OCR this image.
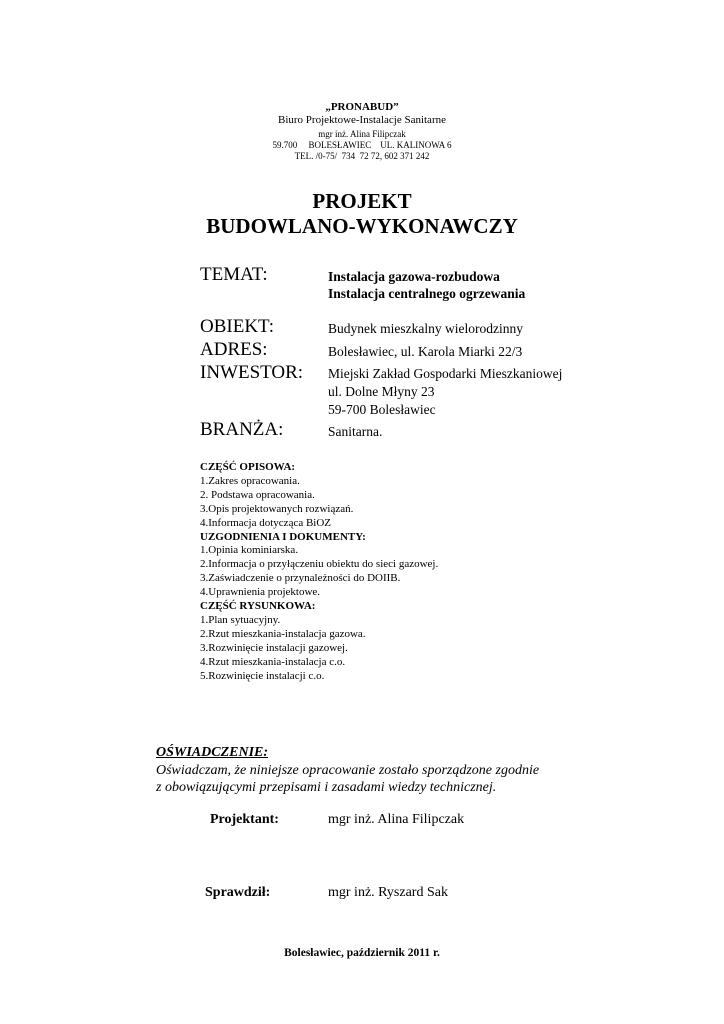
„PRONABUD”
Biuro Projektowe-Instalacje Sanitarne
mgr inż. Alina Filipczak
59.700     BOLESŁAWIEC    UL. KALINOWA 6
TEL. /0-75/  734  72 72, 602 371 242
PROJEKT
BUDOWLANO-WYKONAWCZY
TEMAT:	Instalacja gazowa-rozbudowa
Instalacja centralnego ogrzewania
OBIEKT:	Budynek mieszkalny wielorodzinny
ADRES:	Bolesławiec, ul. Karola Miarki 22/3
INWESTOR: Miejski Zakład Gospodarki Mieszkaniowej
ul. Dolne Młyny 23
59-700 Bolesławiec
BRANŻA:	Sanitarna.
CZĘŚĆ OPISOWA:
1.Zakres opracowania.
2. Podstawa opracowania.
3.Opis projektowanych rozwiązań.
4.Informacja dotycząca BiOZ
UZGODNIENIA I DOKUMENTY:
1.Opinia kominiarska.
2.Informacja o przyłączeniu obiektu do sieci gazowej.
3.Zaświadczenie o przynależności do DOIIB.
4.Uprawnienia projektowe.
CZĘŚĆ RYSUNKOWA:
1.Plan sytuacyjny.
2.Rzut mieszkania-instalacja gazowa.
3.Rozwinięcie instalacji gazowej.
4.Rzut mieszkania-instalacja c.o.
5.Rozwinięcie instalacji c.o.
OŚWIADCZENIE:
Oświadczam, że niniejsze opracowanie zostało sporządzone zgodnie
z obowiązującymi przepisami i zasadami wiedzy technicznej.
Projektant:	mgr inż. Alina Filipczak
Sprawdził:	mgr inż. Ryszard Sak
Bolesławiec, październik 2011 r.
